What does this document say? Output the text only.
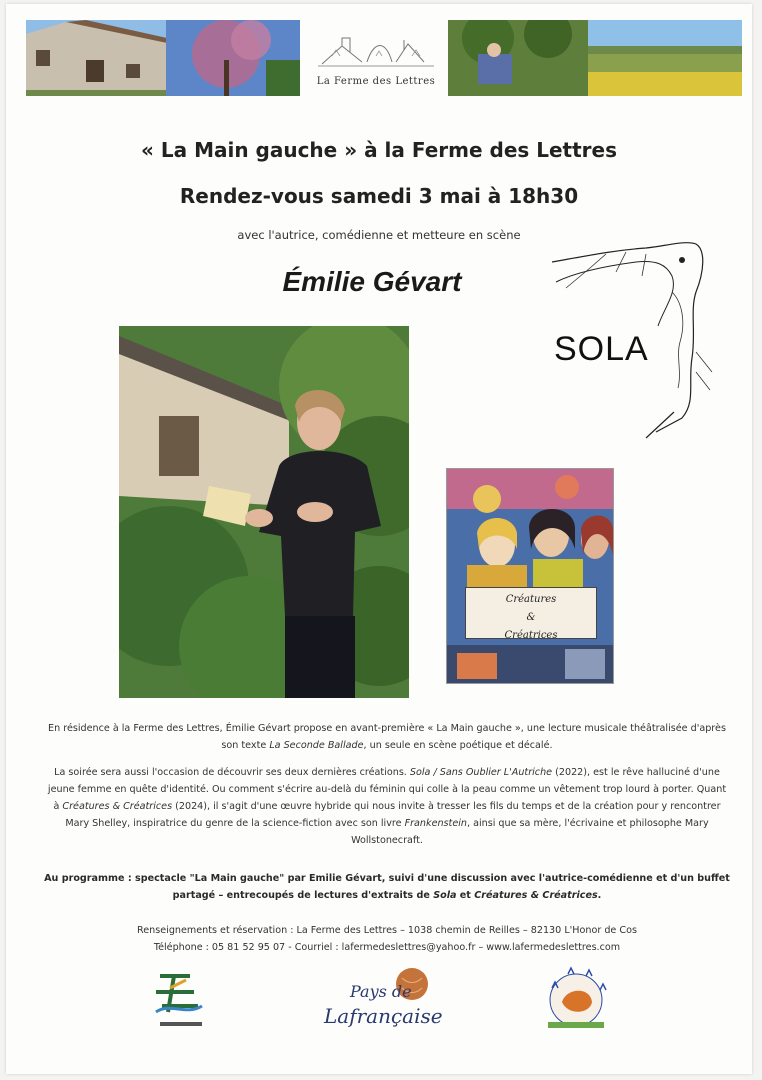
La Ferme des Lettres
« La Main gauche » à la Ferme des Lettres
Rendez-vous samedi 3 mai à 18h30
avec l'autrice, comédienne et metteure en scène
Émilie Gévart
SOLA
Créatures
&
Créatrices
En résidence à la Ferme des Lettres, Émilie Gévart propose en avant-première « La Main gauche », une lecture musicale théâtralisée d'après son texte La Seconde Ballade, un seule en scène poétique et décalé.
La soirée sera aussi l'occasion de découvrir ses deux dernières créations. Sola / Sans Oublier L'Autriche (2022), est le rêve halluciné d'une jeune femme en quête d'identité. Ou comment s'écrire au-delà du féminin qui colle à la peau comme un vêtement trop lourd à porter. Quant à Créatures & Créatrices (2024), il s'agit d'une œuvre hybride qui nous invite à tresser les fils du temps et de la création pour y rencontrer Mary Shelley, inspiratrice du genre de la science-fiction avec son livre Frankenstein, ainsi que sa mère, l'écrivaine et philosophe Mary Wollstonecraft.
Au programme : spectacle "La Main gauche" par Emilie Gévart, suivi d'une discussion avec l'autrice-comédienne et d'un buffet partagé – entrecoupés de lectures d'extraits de Sola et Créatures & Créatrices.
Renseignements et réservation : La Ferme des Lettres – 1038 chemin de Reilles – 82130 L'Honor de Cos
Téléphone : 05 81 52 95 07 - Courriel : lafermedeslettres@yahoo.fr – www.lafermedeslettres.com
Pays de
Lafrançaise
